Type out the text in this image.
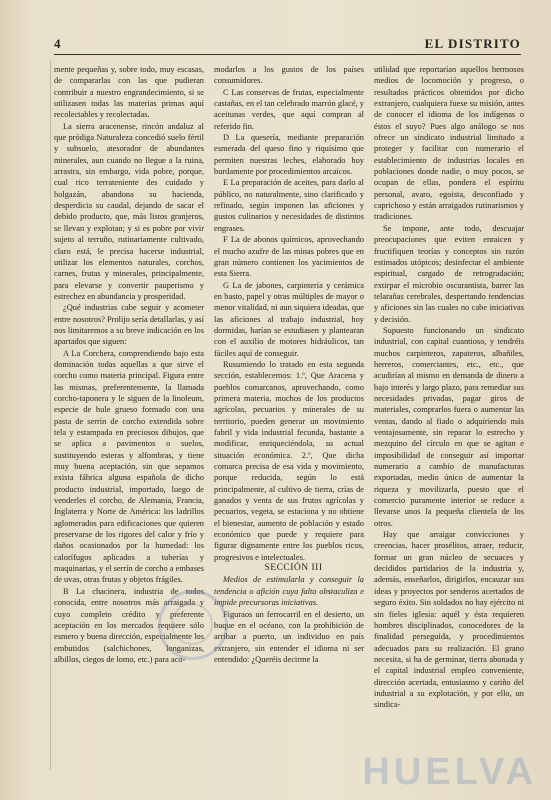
4	EL DISTRITO

mente pequeñas y, sobre todo, muy escasas, de compararlas con las que pudieran contribuir a nuestro engrandecimiento, si se utilizasen todas las materias primas aquí recolectables y recolectadas.

La sierra aracenense, rincón andaluz al que pródiga Naturaleza concedió suelo fértil y subsuelo, atesorador de abundantes minerales, aun cuando no llegue a la ruina, arrastra, sin embargo, vida pobre, porque, cual rico terrateniente des cuidado y holgazán, abandona su hacienda, desperdicia su caudal, dejando de sacar el debido producto, que, más listos granjeros, se llevan y explotan; y si es pobre por vivir sujeto al terruño, rutinariamente cultivado, claro está, le precisa hacerse industrial, utilizar los elementos naturales, corchos, carnes, frutas y minerales, principalmente, para elevarse y convertir pauperismo y estrechez en abundancia y prosperidad.

¿Qué industrias cabe seguir y acometer entre nosotros? Prolijo sería detallarlas, y así nos limitaremos a su breve indicación en los apartados que siguen:

A La Corchera, comprendiendo bajo esta dominación todas aquellas a que sirve el corcho como materia principal. Figura entre las mismas, preferentemente, la llamada corcho-taponera y le siguen de la linoleum, especie de hule grueso formado con una pasta de serrín de corcho extendida sobre tela y estampada en preciosos dibujos, que se aplica a pavimentos o suelos, sustituyendo esteras y alfombras, y tiene muy buena aceptación, sin que sepamos exista fábrica alguna española de dicho producto industrial, importado, luego de venderles el corcho, de Alemania, Francia, Inglaterra y Norte de América: los ladrillos aglomerados para edificaciones que quieren preservarse de los rigores del calor y frío y daños ocasionados por la humedad: los calorífugos aplicados a tuberías y maquinarias, y el serrín de corcho a embases de uvas, otras frutas y objetos frágiles.

B La chacinera, industria de todos conocida, entre nosotros más arraigada y cuyo completo crédito y preferente aceptación en los mercados requiere sólo esmero y buena dirección, especialmente los embutidos (salchichones, longanizas, albillos, ciegos de lomo, etc.) para aco-

modarlos a los gustos de los países consumidores.

C Las conservas de frutas, especialmente castañas, en el tan celebrado marrón glacé, y aceitunas verdes, que aquí compran al referido fin.

D La quesería, mediante preparación esmerada del queso fino y riquísimo que permiten nuestras leches, elaborado hoy burdamente por procedimientos arcaicos.

E La preparación de aceites, para darlo al público, no naturalmente, sino clarificado y refinado, según imponen las aficiones y gustos culinarios y necesidades de distintos engrases.

F La de abonos químicos, aprovechando el mucho azufre de las minas pobres que en gran número contienen los yacimientos de esta Sierra.

G La de jabones, carpintería y cerámica en basto, papel y otras múltiples de mayor o menor vitalidad, ni aun siquiera ideadas, que las aficiones al trabajo industrial, hoy dormidas, harían se estudiasen y plantearan con el auxilio de motores hidráulicos, tan fáciles aquí de conseguir.

Rusumiendo lo tratado en esta segunda sección, establecemos: 1.º, Que Aracena y pueblos comarcanos, aprovechando, como primera materia, muchos de los productos agrícolas, pecuarios y minerales de su territorio, pueden generar un movimiento fabril y vida industrial fecunda, bastante a modificar, enriqueciéndola, su actual situación económica. 2.º, Que dicha comarca precisa de esa vida y movimiento, porque reducida, según lo está principalmente, al cultivo de tierra, crías de ganados y venta de sus frutos agrícolas y pecuarios, vegeta, se estaciona y no obtiene el bienestar, aumento de población y estado económico que puede y requiere para figurar dignamente entre los pueblos ricos, progresivos e intelectuales.

SECCIÓN III

Medios de estimularla y conseguir la tendencia o afición cuya falta obstaculiza e impide precursoras iniciativas.

Figuraos un ferrocarril en el desierto, un buque en el océano, con la prohibición de arribar a puerto, un individuo en país extranjero, sin entender el idioma ni ser entendido: ¿Queréis decirme la

utilidad que reportarían aquellos hermosos medios de locomoción y progreso, o resultados prácticos obtenidos por dicho extranjero, cualquiera fuese su misión, antes de conocer el idioma de los indígenas o éstos el suyo? Pues algo análogo se nos ofrece un sindicato industrial limitado a proteger y facilitar con numerario el establecimiento de industrias locales en poblaciones donde nadie, o muy pocos, se ocupan de ellas, pondera el espíritu personal, avaro, egoista, desconfiado y caprichoso y están arraigados rutinarismos y tradiciones.

Se impone, ante todo, descuajar preocupaciones que eviten enraicen y fructifiquen teorías y conceptos sin razón estimados utópicos; desinfectar el ambiente espiritual, cargado de retrogradación; extirpar el microbio oscurantista, barrer las telarañas cerebrales, despertando tendencias y aficiones sin las cuales no cabe iniciativas y decisión.

Supuesto funcionando un sindicato industrial, con capital cuantioso, y tendréis muchos carpinteros, zapateros, albañiles, herreros, comerciantes, etc., etc., que acudirían al mismo en demanda de dinero a bajo interés y largo plazo, para remediar sus necesidades privadas, pagar giros de materiales, comprarlos fuera o aumentar las ventas, dando al fiado o adquiriendo más ventajosamente, sin reparar lo estrecho y mezquino del círculo en que se agitan e imposibilidad de conseguir así importar numerario a cambio de manufacturas exportadas, medio único de aumentar la riqueza y movilizarla, puesto que el comercio puramente interior se reduce a llevarse unos la pequeña clientela de los otros.

Hay que arraigar convicciones y creencias, hacer prosélitos, atraer, reducir, formar un gran núcleo de secuaces y decididos partidarios de la industria y, además, enseñarlos, dirigirlos, encauzar sus ideas y proyectos por senderos acertados de seguro éxito. Sin soldados no hay ejército ni sin fieles iglesia: aquél y ésta requieren hombres disciplinados, conocedores de la finalidad perseguida, y procedimientos adecuados para su realización. El grano necesita, si ha de germinar, tierra abonada y el capital industrial empleo conveniente, dirección acertada, entusiasmo y cariño del industrial a su explotación, y por ello, un sindica-

HUELVA
